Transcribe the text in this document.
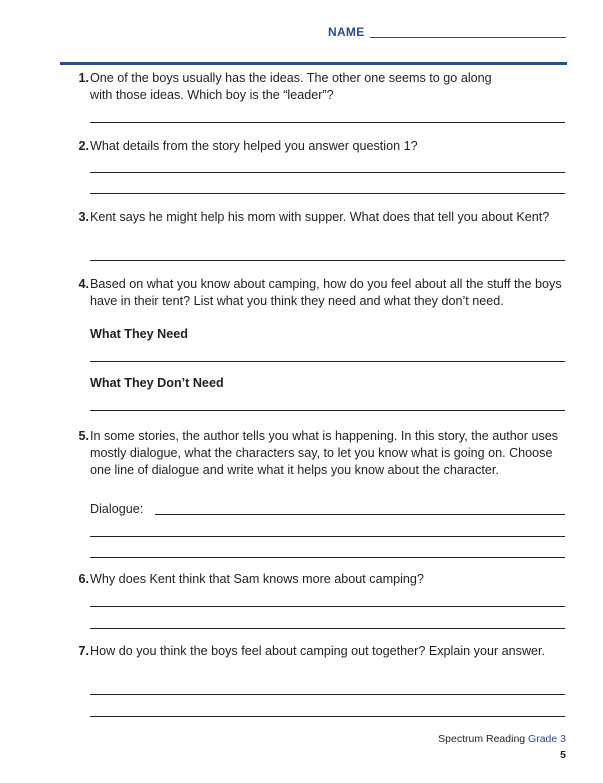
NAME
1. One of the boys usually has the ideas. The other one seems to go along with those ideas. Which boy is the “leader”?
2. What details from the story helped you answer question 1?
3. Kent says he might help his mom with supper. What does that tell you about Kent?
4. Based on what you know about camping, how do you feel about all the stuff the boys have in their tent? List what you think they need and what they don’t need.
What They Need
What They Don’t Need
5. In some stories, the author tells you what is happening. In this story, the author uses mostly dialogue, what the characters say, to let you know what is going on. Choose one line of dialogue and write what it helps you know about the character.
Dialogue:
6. Why does Kent think that Sam knows more about camping?
7. How do you think the boys feel about camping out together? Explain your answer.
Spectrum Reading Grade 3
5
